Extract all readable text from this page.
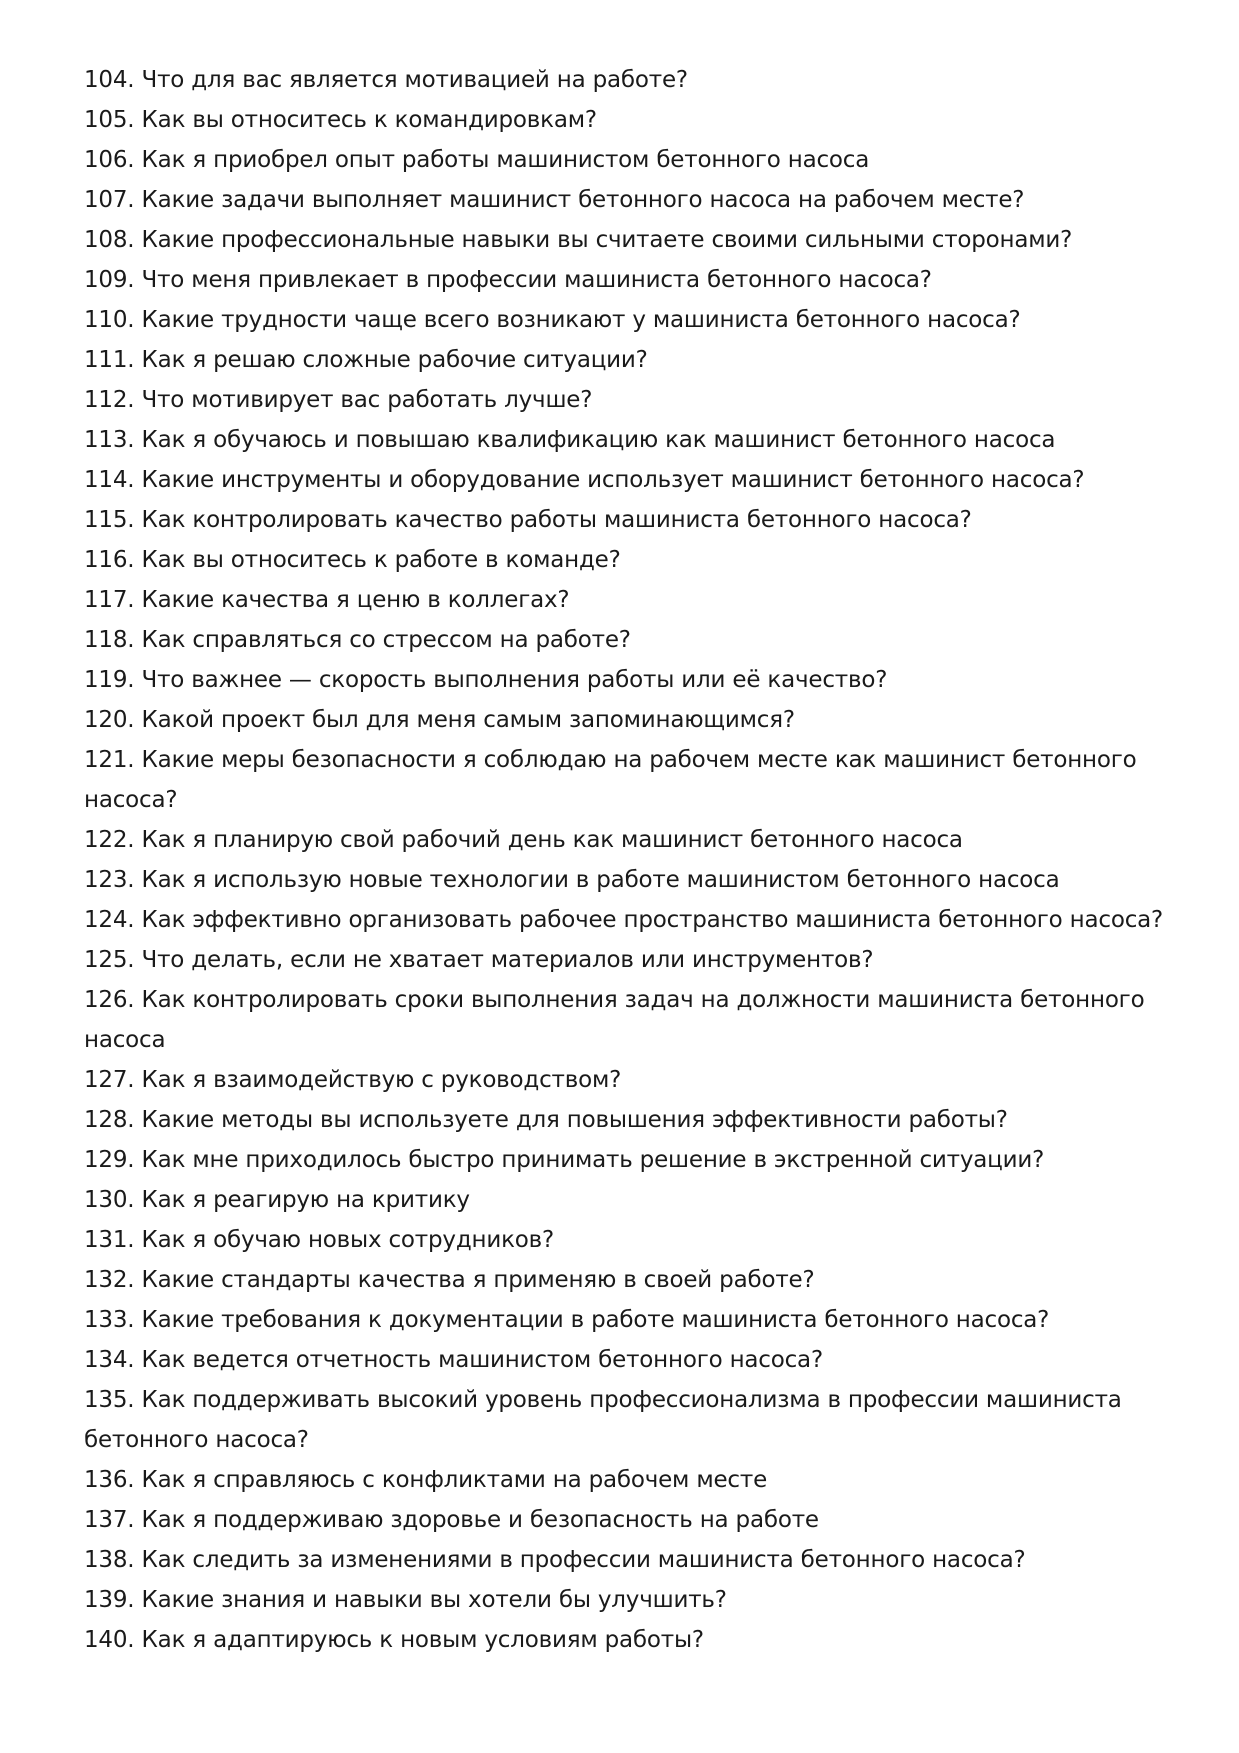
104. Что для вас является мотивацией на работе?
105. Как вы относитесь к командировкам?
106. Как я приобрел опыт работы машинистом бетонного насоса
107. Какие задачи выполняет машинист бетонного насоса на рабочем месте?
108. Какие профессиональные навыки вы считаете своими сильными сторонами?
109. Что меня привлекает в профессии машиниста бетонного насоса?
110. Какие трудности чаще всего возникают у машиниста бетонного насоса?
111. Как я решаю сложные рабочие ситуации?
112. Что мотивирует вас работать лучше?
113. Как я обучаюсь и повышаю квалификацию как машинист бетонного насоса
114. Какие инструменты и оборудование использует машинист бетонного насоса?
115. Как контролировать качество работы машиниста бетонного насоса?
116. Как вы относитесь к работе в команде?
117. Какие качества я ценю в коллегах?
118. Как справляться со стрессом на работе?
119. Что важнее — скорость выполнения работы или её качество?
120. Какой проект был для меня самым запоминающимся?
121. Какие меры безопасности я соблюдаю на рабочем месте как машинист бетонного
насоса?
122. Как я планирую свой рабочий день как машинист бетонного насоса
123. Как я использую новые технологии в работе машинистом бетонного насоса
124. Как эффективно организовать рабочее пространство машиниста бетонного насоса?
125. Что делать, если не хватает материалов или инструментов?
126. Как контролировать сроки выполнения задач на должности машиниста бетонного
насоса
127. Как я взаимодействую с руководством?
128. Какие методы вы используете для повышения эффективности работы?
129. Как мне приходилось быстро принимать решение в экстренной ситуации?
130. Как я реагирую на критику
131. Как я обучаю новых сотрудников?
132. Какие стандарты качества я применяю в своей работе?
133. Какие требования к документации в работе машиниста бетонного насоса?
134. Как ведется отчетность машинистом бетонного насоса?
135. Как поддерживать высокий уровень профессионализма в профессии машиниста
бетонного насоса?
136. Как я справляюсь с конфликтами на рабочем месте
137. Как я поддерживаю здоровье и безопасность на работе
138. Как следить за изменениями в профессии машиниста бетонного насоса?
139. Какие знания и навыки вы хотели бы улучшить?
140. Как я адаптируюсь к новым условиям работы?
